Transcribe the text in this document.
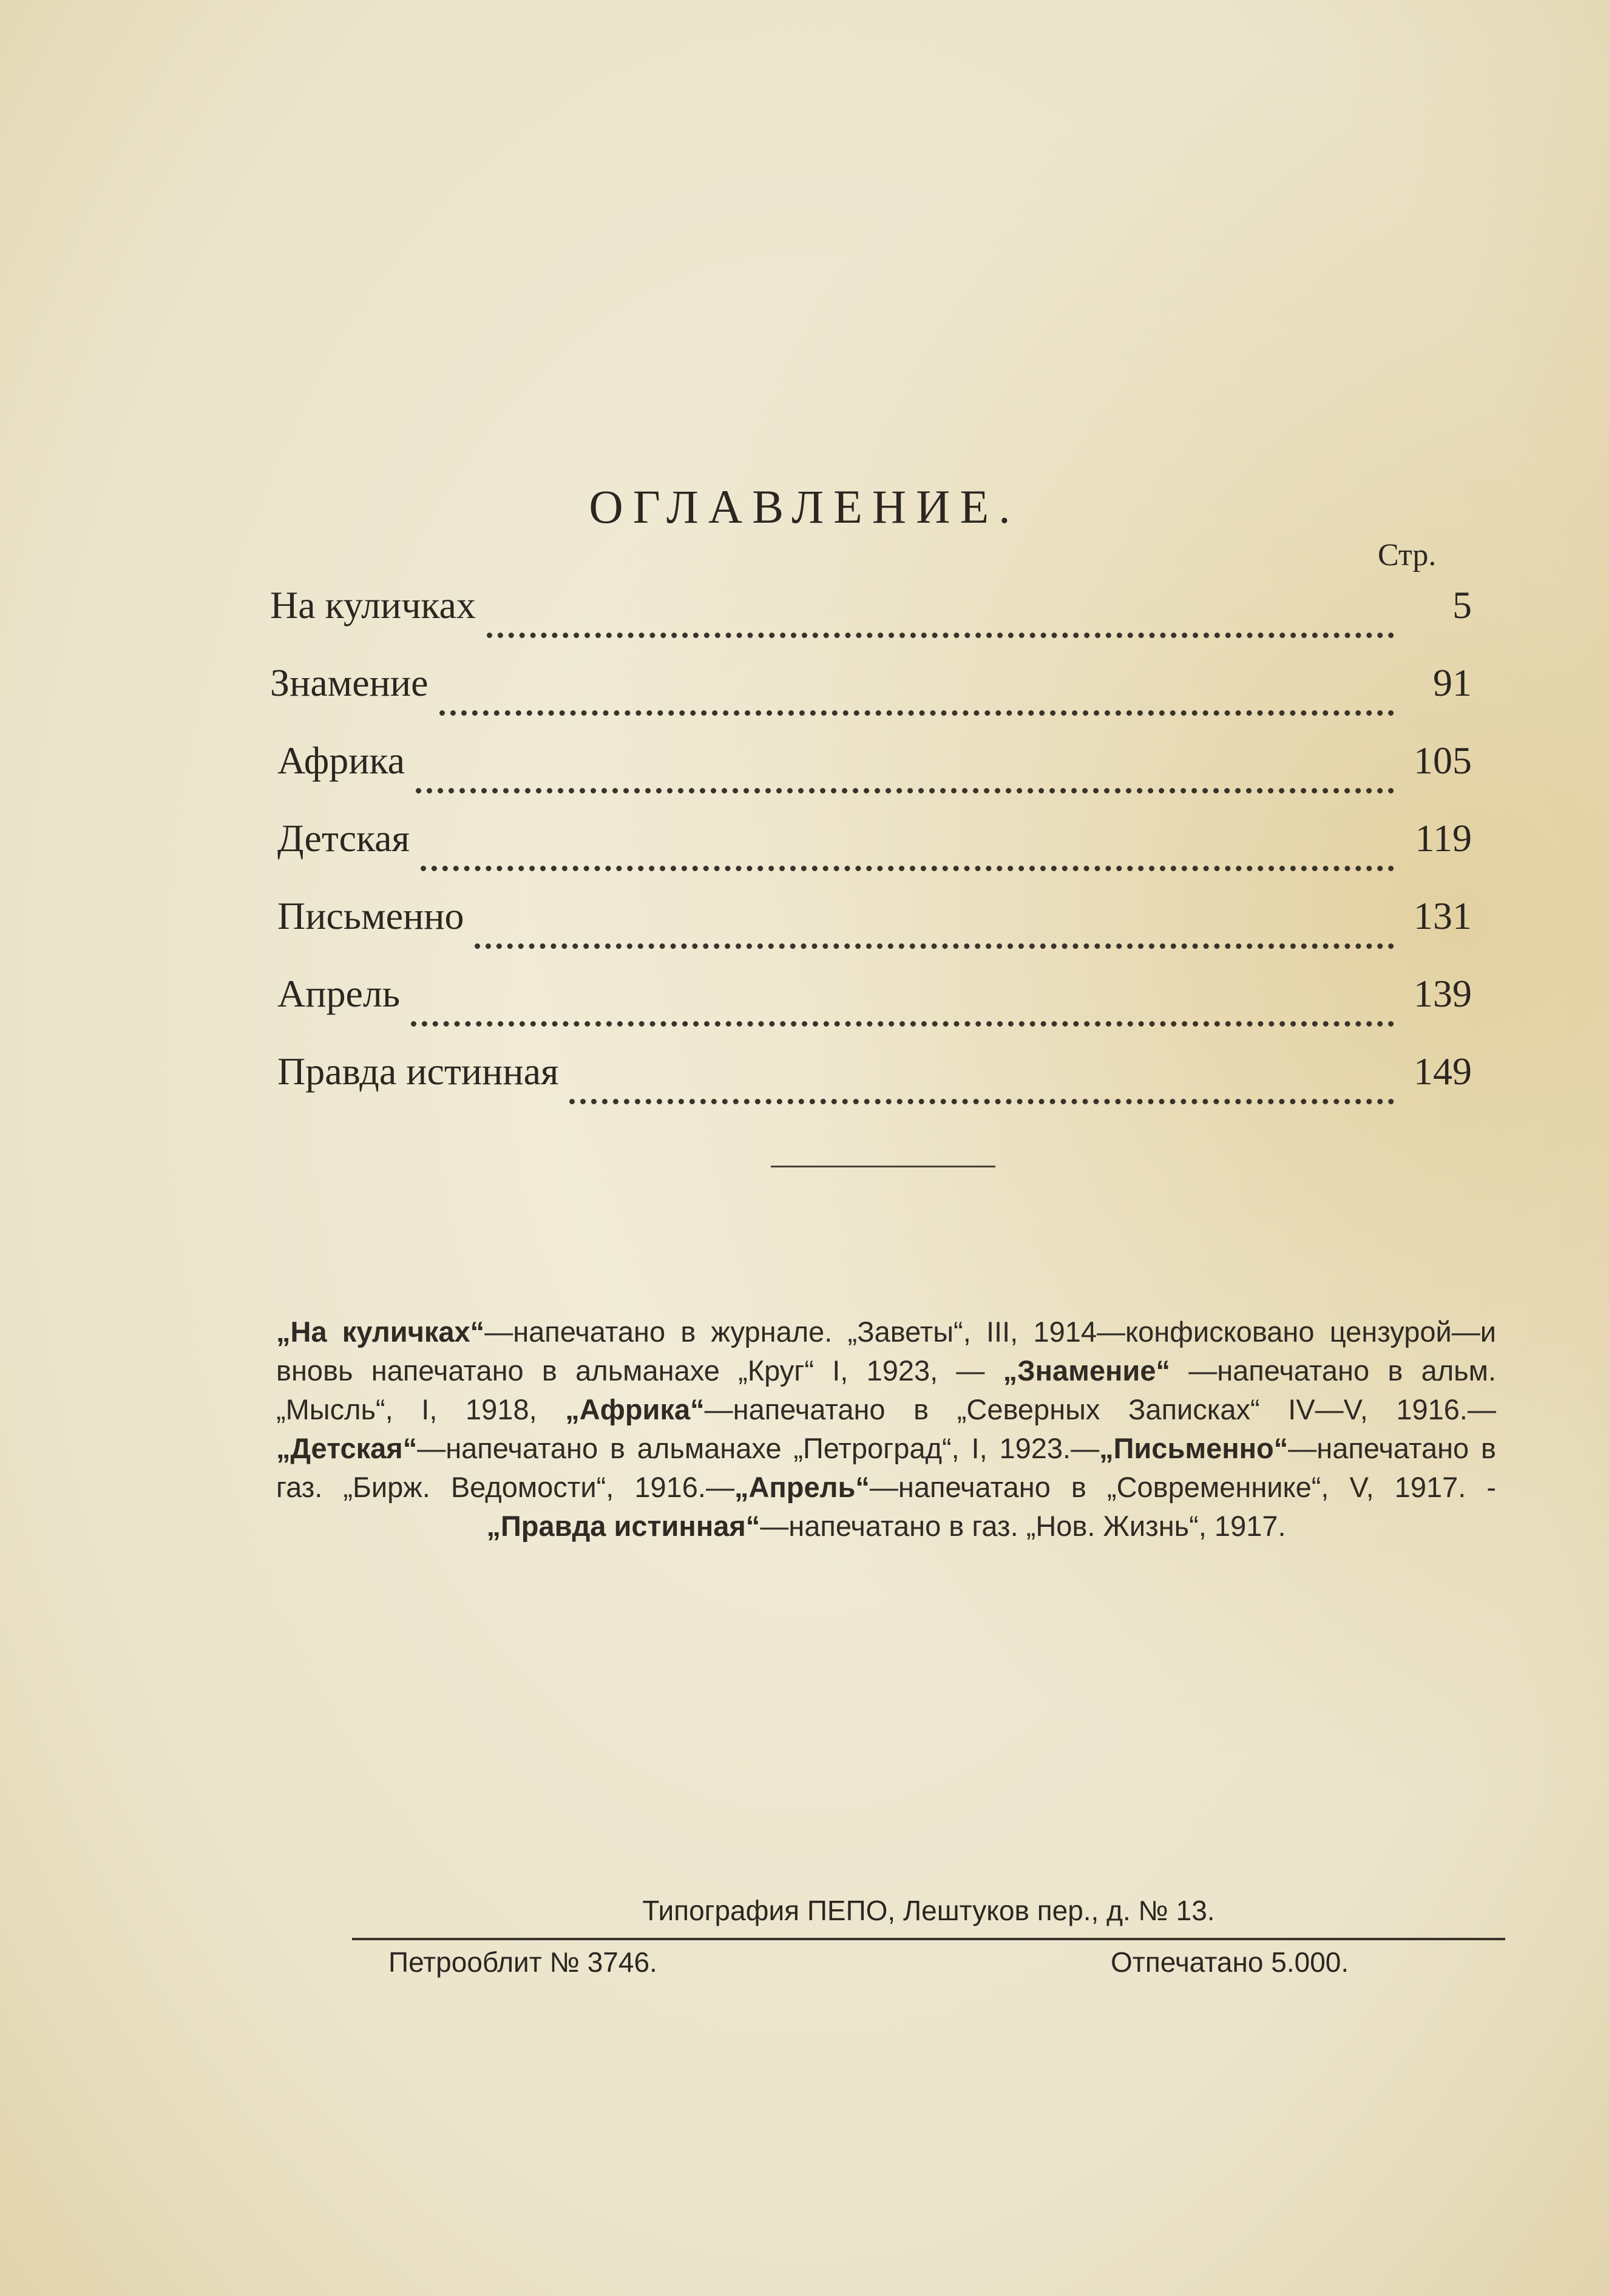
ОГЛАВЛЕНИЕ.
Стр.
На куличках	5
Знамение	91
Африка	105
Детская	119
Письменно	131
Апрель	139
Правда истинная	149

„На куличках“—напечатано в журнале. „Заветы“, III, 1914—конфисковано цензурой—и вновь напечатано в альманахе „Круг“ I, 1923, — „Знамение“ —напечатано в альм. „Мысль“, I, 1918, „Африка“—напечатано в „Северных Записках“ IV—V, 1916.— „Детская“—напечатано в альманахе „Петроград“, I, 1923.—„Письменно“—напечатано в газ. „Бирж. Ведомости“, 1916.—„Апрель“—напечатано в „Современнике“, V, 1917. - „Правда истинная“—напечатано в газ. „Нов. Жизнь“, 1917.

Типография ПЕПО, Лештуков пер., д. № 13.
Петрооблит № 3746.	Отпечатано 5.000.
